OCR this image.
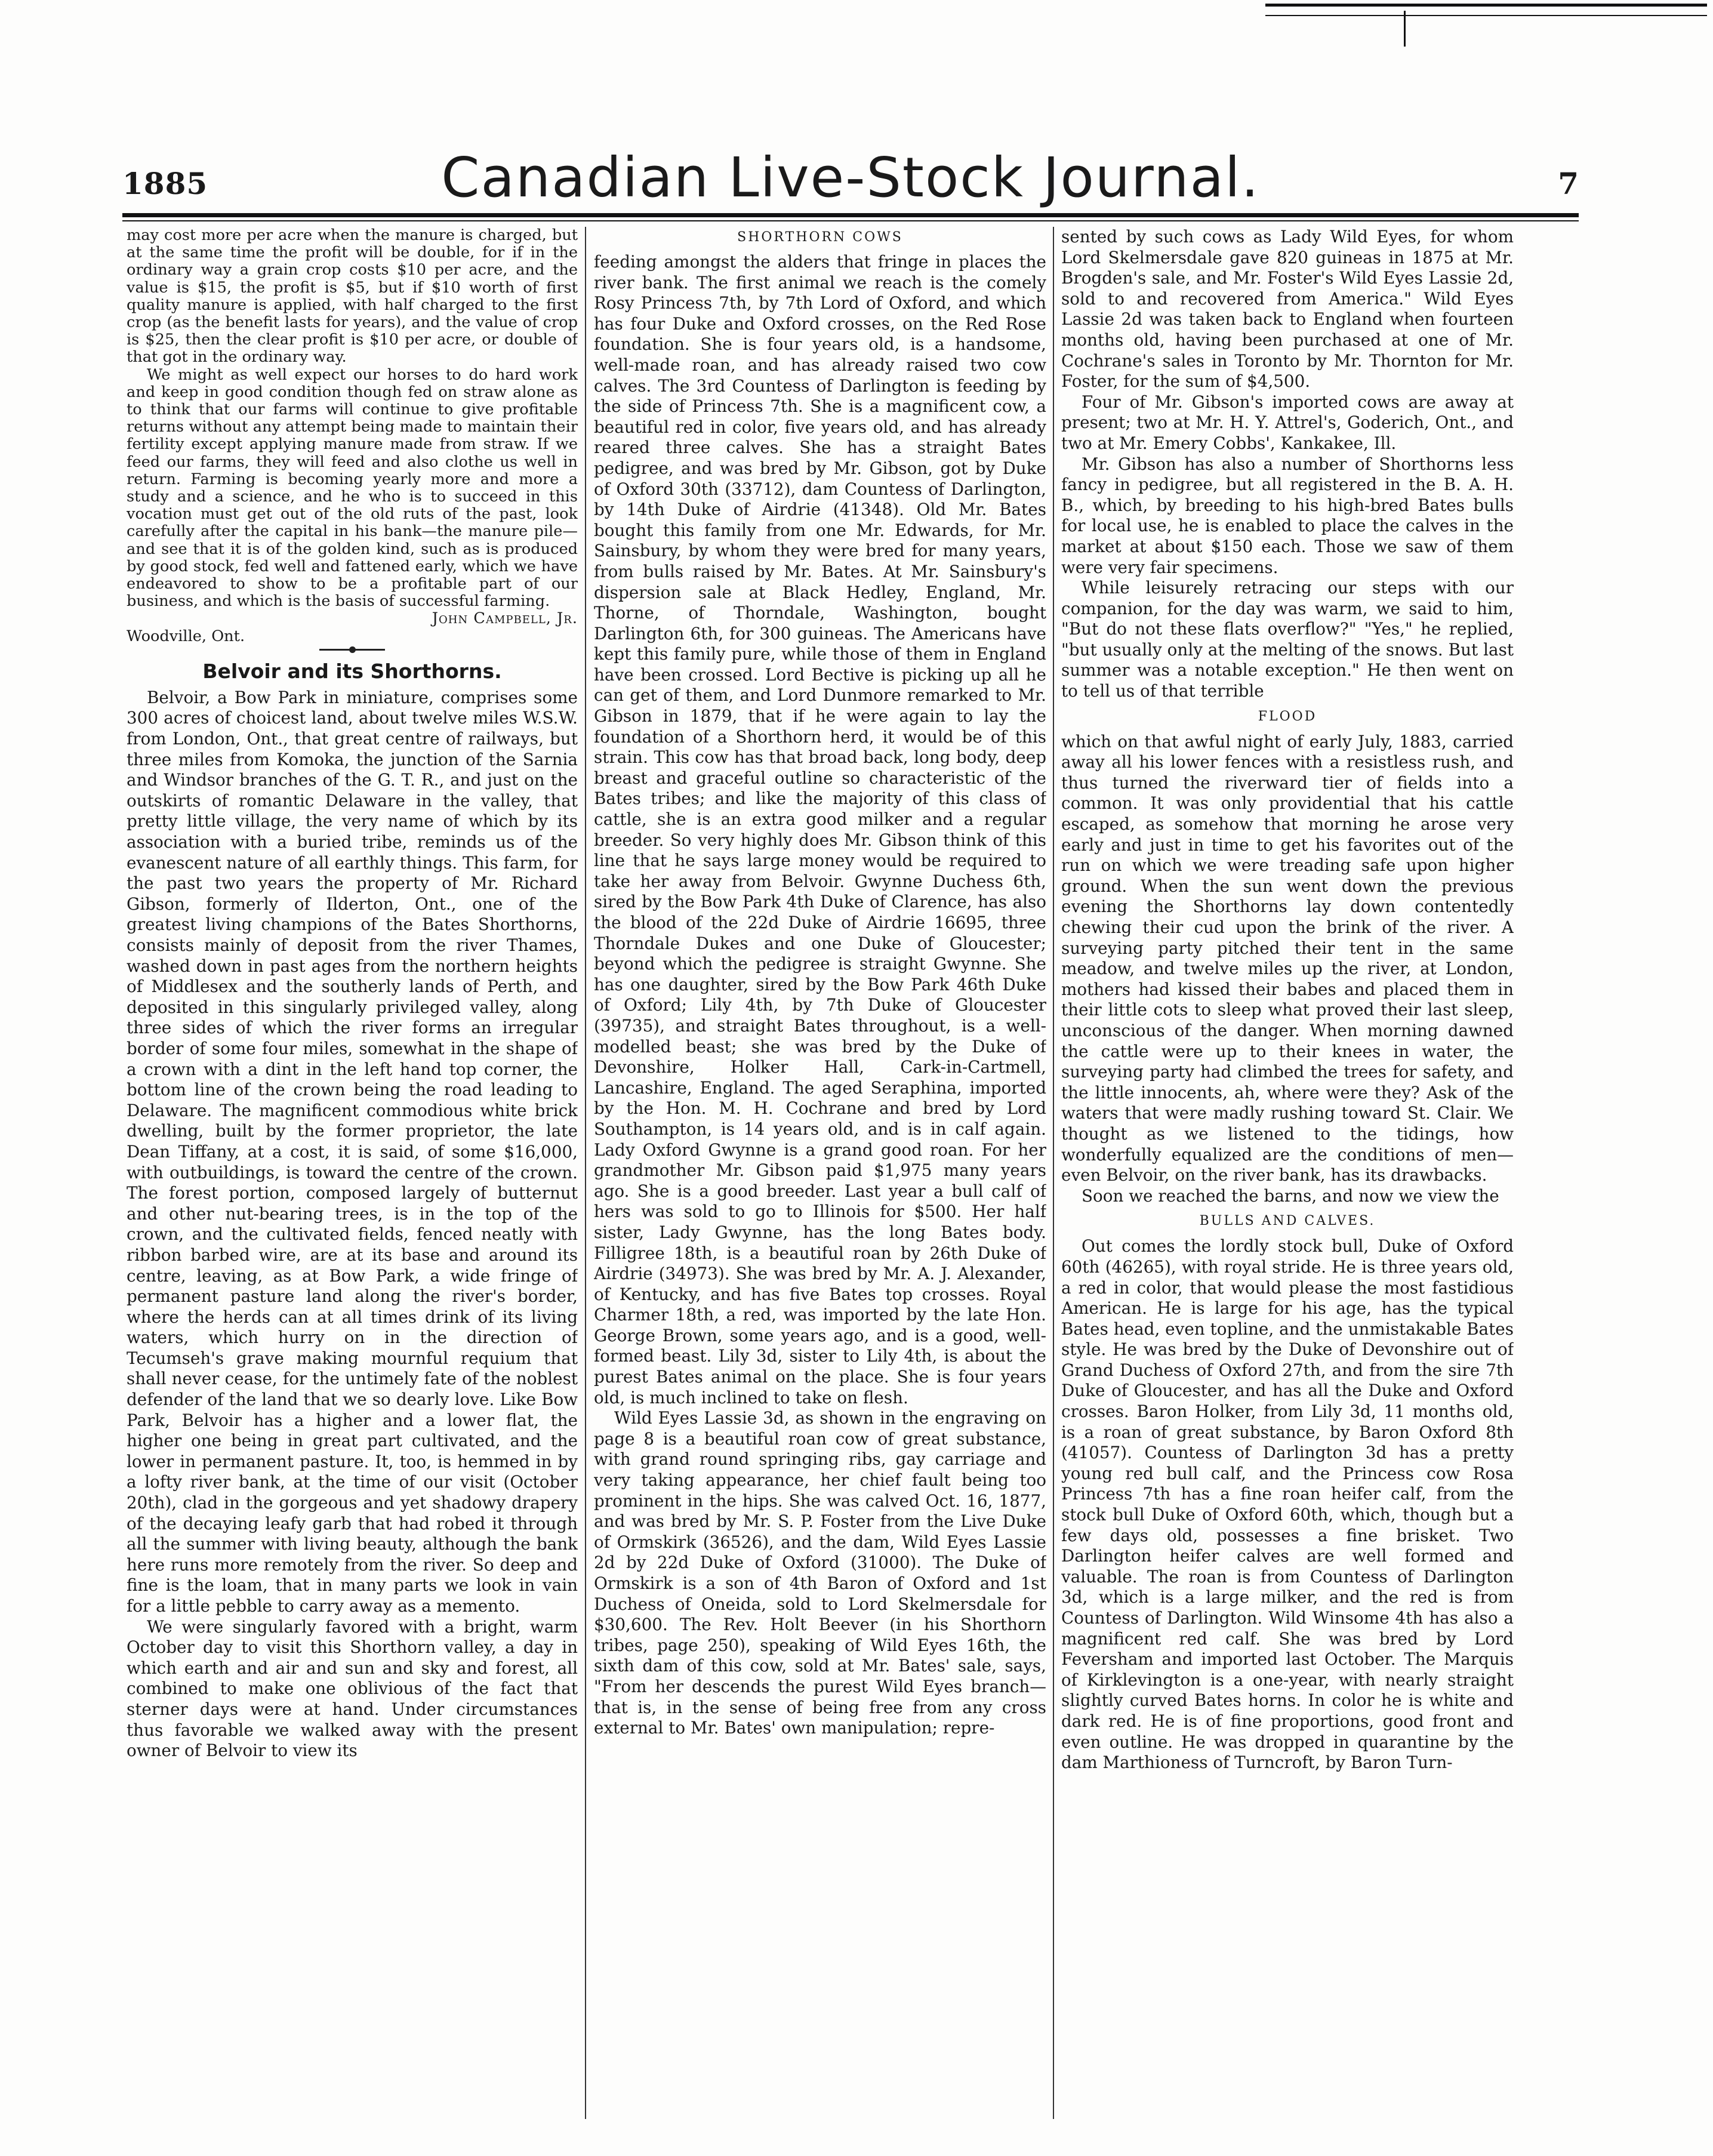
1885	Canadian Live-Stock Journal.	7

may cost more per acre when the manure is charged, but at the same time the profit will be double, for if in the ordinary way a grain crop costs $10 per acre, and the value is $15, the profit is $5, but if $10 worth of first quality manure is applied, with half charged to the first crop (as the benefit lasts for years), and the value of crop is $25, then the clear profit is $10 per acre, or double of that got in the ordinary way.

We might as well expect our horses to do hard work and keep in good condition though fed on straw alone as to think that our farms will continue to give profitable returns without any attempt being made to maintain their fertility except applying manure made from straw. If we feed our farms, they will feed and also clothe us well in return. Farming is becoming yearly more and more a study and a science, and he who is to succeed in this vocation must get out of the old ruts of the past, look carefully after the capital in his bank—the manure pile—and see that it is of the golden kind, such as is produced by good stock, fed well and fattened early, which we have endeavored to show to be a profitable part of our business, and which is the basis of successful farming.

John Campbell, Jr.

Woodville, Ont.

Belvoir and its Shorthorns.

Belvoir, a Bow Park in miniature, comprises some 300 acres of choicest land, about twelve miles W.S.W. from London, Ont., that great centre of railways, but three miles from Komoka, the junction of the Sarnia and Windsor branches of the G. T. R., and just on the outskirts of romantic Delaware in the valley, that pretty little village, the very name of which by its association with a buried tribe, reminds us of the evanescent nature of all earthly things. This farm, for the past two years the property of Mr. Richard Gibson, formerly of Ilderton, Ont., one of the greatest living champions of the Bates Shorthorns, consists mainly of deposit from the river Thames, washed down in past ages from the northern heights of Middlesex and the southerly lands of Perth, and deposited in this singularly privileged valley, along three sides of which the river forms an irregular border of some four miles, somewhat in the shape of a crown with a dint in the left hand top corner, the bottom line of the crown being the road leading to Delaware. The magnificent commodious white brick dwelling, built by the former proprietor, the late Dean Tiffany, at a cost, it is said, of some $16,000, with outbuildings, is toward the centre of the crown. The forest portion, composed largely of butternut and other nut-bearing trees, is in the top of the crown, and the cultivated fields, fenced neatly with ribbon barbed wire, are at its base and around its centre, leaving, as at Bow Park, a wide fringe of permanent pasture land along the river's border, where the herds can at all times drink of its living waters, which hurry on in the direction of Tecumseh's grave making mournful requium that shall never cease, for the untimely fate of the noblest defender of the land that we so dearly love. Like Bow Park, Belvoir has a higher and a lower flat, the higher one being in great part cultivated, and the lower in permanent pasture. It, too, is hemmed in by a lofty river bank, at the time of our visit (October 20th), clad in the gorgeous and yet shadowy drapery of the decaying leafy garb that had robed it through all the summer with living beauty, although the bank here runs more remotely from the river. So deep and fine is the loam, that in many parts we look in vain for a little pebble to carry away as a memento.

We were singularly favored with a bright, warm October day to visit this Shorthorn valley, a day in which earth and air and sun and sky and forest, all combined to make one oblivious of the fact that sterner days were at hand. Under circumstances thus favorable we walked away with the present owner of Belvoir to view its

SHORTHORN COWS

feeding amongst the alders that fringe in places the river bank. The first animal we reach is the comely Rosy Princess 7th, by 7th Lord of Oxford, and which has four Duke and Oxford crosses, on the Red Rose foundation. She is four years old, is a handsome, well-made roan, and has already raised two cow calves. The 3rd Countess of Darlington is feeding by the side of Princess 7th. She is a magnificent cow, a beautiful red in color, five years old, and has already reared three calves. She has a straight Bates pedigree, and was bred by Mr. Gibson, got by Duke of Oxford 30th (33712), dam Countess of Darlington, by 14th Duke of Airdrie (41348). Old Mr. Bates bought this family from one Mr. Edwards, for Mr. Sainsbury, by whom they were bred for many years, from bulls raised by Mr. Bates. At Mr. Sainsbury's dispersion sale at Black Hedley, England, Mr. Thorne, of Thorndale, Washington, bought Darlington 6th, for 300 guineas. The Americans have kept this family pure, while those of them in England have been crossed. Lord Bective is picking up all he can get of them, and Lord Dunmore remarked to Mr. Gibson in 1879, that if he were again to lay the foundation of a Shorthorn herd, it would be of this strain. This cow has that broad back, long body, deep breast and graceful outline so characteristic of the Bates tribes; and like the majority of this class of cattle, she is an extra good milker and a regular breeder. So very highly does Mr. Gibson think of this line that he says large money would be required to take her away from Belvoir. Gwynne Duchess 6th, sired by the Bow Park 4th Duke of Clarence, has also the blood of the 22d Duke of Airdrie 16695, three Thorndale Dukes and one Duke of Gloucester; beyond which the pedigree is straight Gwynne. She has one daughter, sired by the Bow Park 46th Duke of Oxford; Lily 4th, by 7th Duke of Gloucester (39735), and straight Bates throughout, is a well-modelled beast; she was bred by the Duke of Devonshire, Holker Hall, Cark-in-Cartmell, Lancashire, England. The aged Seraphina, imported by the Hon. M. H. Cochrane and bred by Lord Southampton, is 14 years old, and is in calf again. Lady Oxford Gwynne is a grand good roan. For her grandmother Mr. Gibson paid $1,975 many years ago. She is a good breeder. Last year a bull calf of hers was sold to go to Illinois for $500. Her half sister, Lady Gwynne, has the long Bates body. Filligree 18th, is a beautiful roan by 26th Duke of Airdrie (34973). She was bred by Mr. A. J. Alexander, of Kentucky, and has five Bates top crosses. Royal Charmer 18th, a red, was imported by the late Hon. George Brown, some years ago, and is a good, well-formed beast. Lily 3d, sister to Lily 4th, is about the purest Bates animal on the place. She is four years old, is much inclined to take on flesh.

Wild Eyes Lassie 3d, as shown in the engraving on page 8 is a beautiful roan cow of great substance, with grand round springing ribs, gay carriage and very taking appearance, her chief fault being too prominent in the hips. She was calved Oct. 16, 1877, and was bred by Mr. S. P. Foster from the Live Duke of Ormskirk (36526), and the dam, Wild Eyes Lassie 2d by 22d Duke of Oxford (31000). The Duke of Ormskirk is a son of 4th Baron of Oxford and 1st Duchess of Oneida, sold to Lord Skelmersdale for $30,600. The Rev. Holt Beever (in his Shorthorn tribes, page 250), speaking of Wild Eyes 16th, the sixth dam of this cow, sold at Mr. Bates' sale, says, "From her descends the purest Wild Eyes branch—that is, in the sense of being free from any cross external to Mr. Bates' own manipulation; repre-

sented by such cows as Lady Wild Eyes, for whom Lord Skelmersdale gave 820 guineas in 1875 at Mr. Brogden's sale, and Mr. Foster's Wild Eyes Lassie 2d, sold to and recovered from America." Wild Eyes Lassie 2d was taken back to England when fourteen months old, having been purchased at one of Mr. Cochrane's sales in Toronto by Mr. Thornton for Mr. Foster, for the sum of $4,500.

Four of Mr. Gibson's imported cows are away at present; two at Mr. H. Y. Attrel's, Goderich, Ont., and two at Mr. Emery Cobbs', Kankakee, Ill.

Mr. Gibson has also a number of Shorthorns less fancy in pedigree, but all registered in the B. A. H. B., which, by breeding to his high-bred Bates bulls for local use, he is enabled to place the calves in the market at about $150 each. Those we saw of them were very fair specimens.

While leisurely retracing our steps with our companion, for the day was warm, we said to him, "But do not these flats overflow?" "Yes," he replied, "but usually only at the melting of the snows. But last summer was a notable exception." He then went on to tell us of that terrible

FLOOD

which on that awful night of early July, 1883, carried away all his lower fences with a resistless rush, and thus turned the riverward tier of fields into a common. It was only providential that his cattle escaped, as somehow that morning he arose very early and just in time to get his favorites out of the run on which we were treading safe upon higher ground. When the sun went down the previous evening the Shorthorns lay down contentedly chewing their cud upon the brink of the river. A surveying party pitched their tent in the same meadow, and twelve miles up the river, at London, mothers had kissed their babes and placed them in their little cots to sleep what proved their last sleep, unconscious of the danger. When morning dawned the cattle were up to their knees in water, the surveying party had climbed the trees for safety, and the little innocents, ah, where were they? Ask of the waters that were madly rushing toward St. Clair. We thought as we listened to the tidings, how wonderfully equalized are the conditions of men—even Belvoir, on the river bank, has its drawbacks.

Soon we reached the barns, and now we view the

BULLS AND CALVES.

Out comes the lordly stock bull, Duke of Oxford 60th (46265), with royal stride. He is three years old, a red in color, that would please the most fastidious American. He is large for his age, has the typical Bates head, even topline, and the unmistakable Bates style. He was bred by the Duke of Devonshire out of Grand Duchess of Oxford 27th, and from the sire 7th Duke of Gloucester, and has all the Duke and Oxford crosses. Baron Holker, from Lily 3d, 11 months old, is a roan of great substance, by Baron Oxford 8th (41057). Countess of Darlington 3d has a pretty young red bull calf, and the Princess cow Rosa Princess 7th has a fine roan heifer calf, from the stock bull Duke of Oxford 60th, which, though but a few days old, possesses a fine brisket. Two Darlington heifer calves are well formed and valuable. The roan is from Countess of Darlington 3d, which is a large milker, and the red is from Countess of Darlington. Wild Winsome 4th has also a magnificent red calf. She was bred by Lord Feversham and imported last October. The Marquis of Kirklevington is a one-year, with nearly straight slightly curved Bates horns. In color he is white and dark red. He is of fine proportions, good front and even outline. He was dropped in quarantine by the dam Marthioness of Turncroft, by Baron Turn-
